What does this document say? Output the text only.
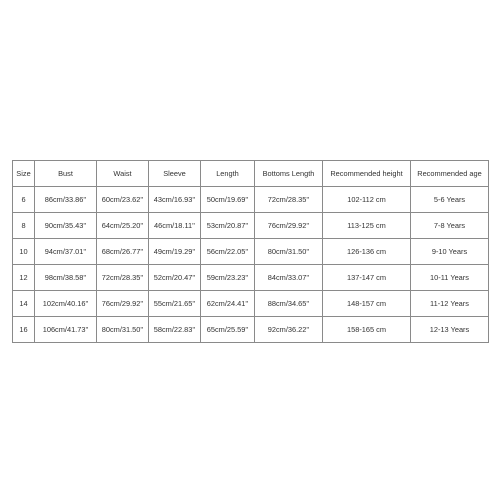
Size	Bust	Waist	Sleeve	Length	Bottoms Length	Recommended height	Recommended age
6	86cm/33.86''	60cm/23.62''	43cm/16.93''	50cm/19.69''	72cm/28.35''	102-112 cm	5-6 Years
8	90cm/35.43''	64cm/25.20''	46cm/18.11''	53cm/20.87''	76cm/29.92''	113-125 cm	7-8 Years
10	94cm/37.01''	68cm/26.77''	49cm/19.29''	56cm/22.05''	80cm/31.50''	126-136 cm	9-10 Years
12	98cm/38.58''	72cm/28.35''	52cm/20.47''	59cm/23.23''	84cm/33.07''	137-147 cm	10-11 Years
14	102cm/40.16''	76cm/29.92''	55cm/21.65''	62cm/24.41''	88cm/34.65''	148-157 cm	11-12 Years
16	106cm/41.73''	80cm/31.50''	58cm/22.83''	65cm/25.59''	92cm/36.22''	158-165 cm	12-13 Years
